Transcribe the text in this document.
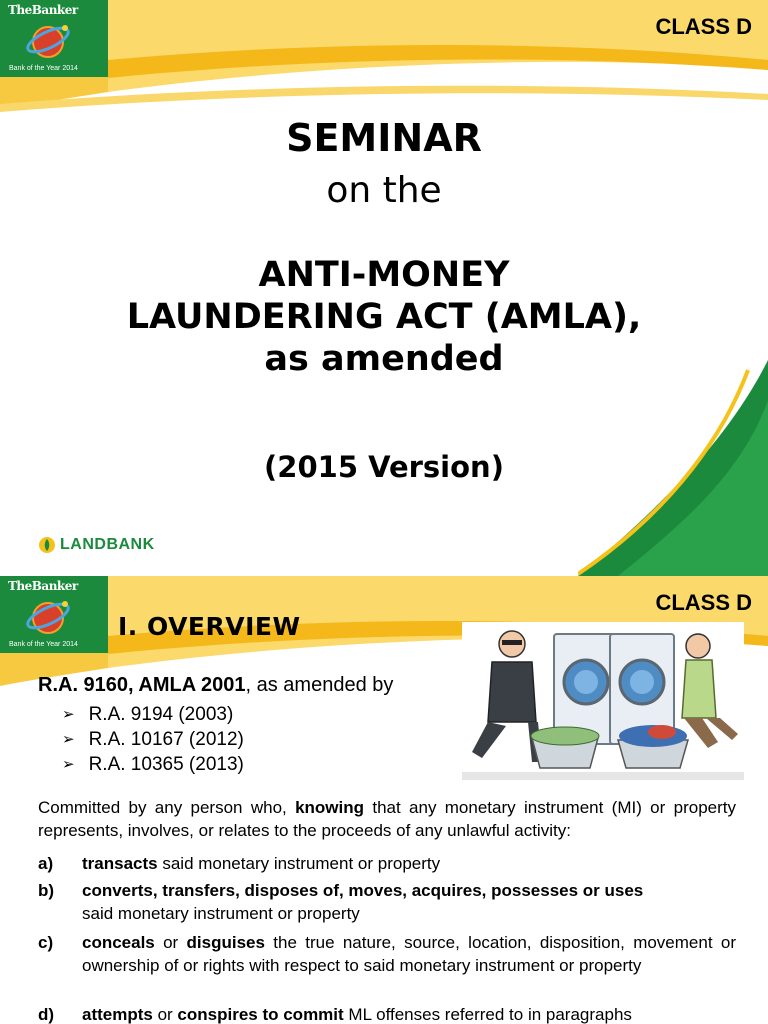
TheBanker
Bank of the Year 2014
CLASS D
SEMINAR
on the
ANTI-MONEY
LAUNDERING ACT (AMLA),
as amended
(2015 Version)
LANDBANK
TheBanker
Bank of the Year 2014
CLASS D
I. OVERVIEW
R.A. 9160, AMLA 2001, as amended by
➢ R.A. 9194 (2003)
➢ R.A. 10167 (2012)
➢ R.A. 10365 (2013)

Committed by any person who, knowing that any monetary instrument (MI) or property represents, involves, or relates to the proceeds of any unlawful activity:

a)	transacts said monetary instrument or property
b)	converts, transfers, disposes of, moves, acquires, possesses or uses
said monetary instrument or property
c)	conceals or disguises the true nature, source, location, disposition, movement or ownership of or rights with respect to said monetary instrument or property
d)	attempts or conspires to commit ML offenses referred to in paragraphs
